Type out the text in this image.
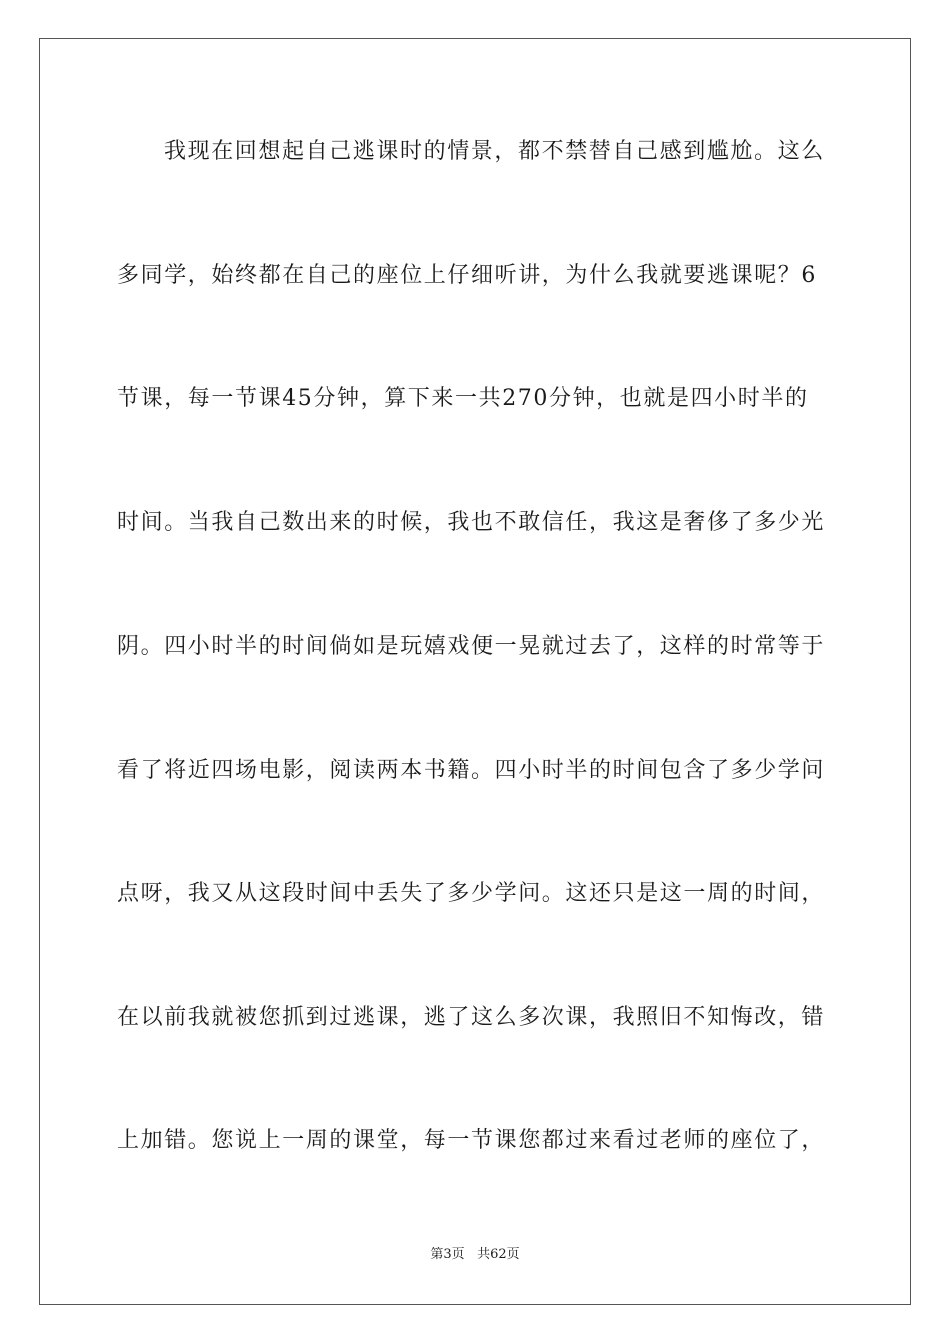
我现在回想起自己逃课时的情景，都不禁替自己感到尴尬。这么
多同学，始终都在自己的座位上仔细听讲，为什么我就要逃课呢？6
节课，每一节课45分钟，算下来一共270分钟，也就是四小时半的
时间。当我自己数出来的时候，我也不敢信任，我这是奢侈了多少光
阴。四小时半的时间倘如是玩嬉戏便一晃就过去了，这样的时常等于
看了将近四场电影，阅读两本书籍。四小时半的时间包含了多少学问
点呀，我又从这段时间中丢失了多少学问。这还只是这一周的时间，
在以前我就被您抓到过逃课，逃了这么多次课，我照旧不知悔改，错
上加错。您说上一周的课堂，每一节课您都过来看过老师的座位了，
第3页 共62页
